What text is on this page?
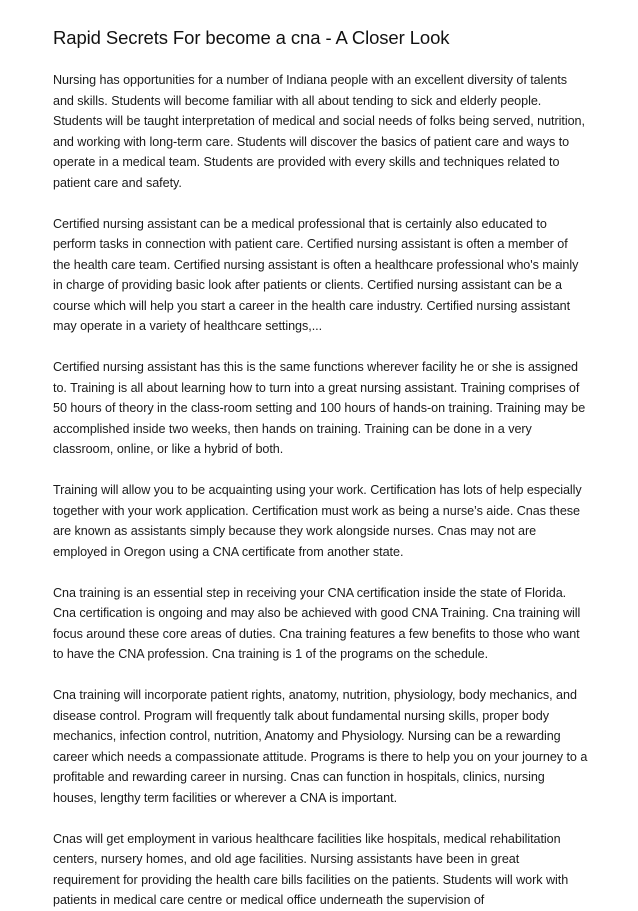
Rapid Secrets For become a cna - A Closer Look

Nursing has opportunities for a number of Indiana people with an excellent diversity of talents and skills. Students will become familiar with all about tending to sick and elderly people. Students will be taught interpretation of medical and social needs of folks being served, nutrition, and working with long-term care. Students will discover the basics of patient care and ways to operate in a medical team. Students are provided with every skills and techniques related to patient care and safety.

Certified nursing assistant can be a medical professional that is certainly also educated to perform tasks in connection with patient care. Certified nursing assistant is often a member of the health care team. Certified nursing assistant is often a healthcare professional who's mainly in charge of providing basic look after patients or clients. Certified nursing assistant can be a course which will help you start a career in the health care industry. Certified nursing assistant may operate in a variety of healthcare settings,...

Certified nursing assistant has this is the same functions wherever facility he or she is assigned to. Training is all about learning how to turn into a great nursing assistant. Training comprises of 50 hours of theory in the class-room setting and 100 hours of hands-on training. Training may be accomplished inside two weeks, then hands on training. Training can be done in a very classroom, online, or like a hybrid of both.

Training will allow you to be acquainting using your work. Certification has lots of help especially together with your work application. Certification must work as being a nurse’s aide. Cnas these are known as assistants simply because they work alongside nurses. Cnas may not are employed in Oregon using a CNA certificate from another state.

Cna training is an essential step in receiving your CNA certification inside the state of Florida. Cna certification is ongoing and may also be achieved with good CNA Training. Cna training will focus around these core areas of duties. Cna training features a few benefits to those who want to have the CNA profession. Cna training is 1 of the programs on the schedule.

Cna training will incorporate patient rights, anatomy, nutrition, physiology, body mechanics, and disease control. Program will frequently talk about fundamental nursing skills, proper body mechanics, infection control, nutrition, Anatomy and Physiology. Nursing can be a rewarding career which needs a compassionate attitude. Programs is there to help you on your journey to a profitable and rewarding career in nursing. Cnas can function in hospitals, clinics, nursing houses, lengthy term facilities or wherever a CNA is important.

Cnas will get employment in various healthcare facilities like hospitals, medical rehabilitation centers, nursery homes, and old age facilities. Nursing assistants have been in great requirement for providing the health care bills facilities on the patients. Students will work with patients in medical care centre or medical office underneath the supervision of
